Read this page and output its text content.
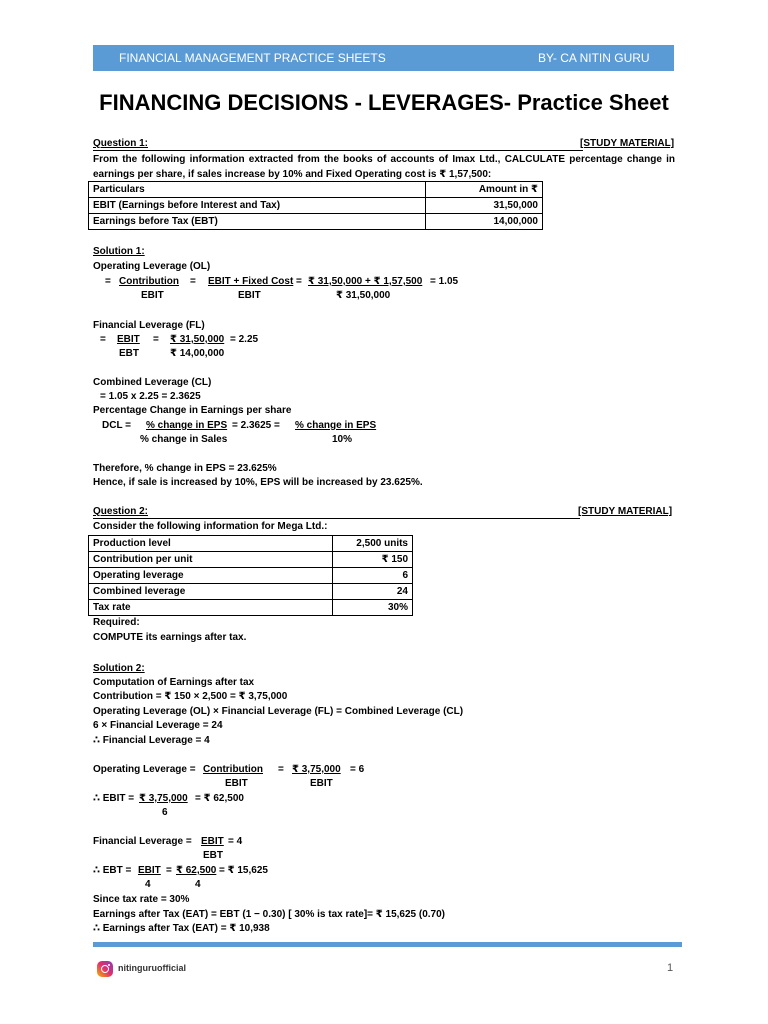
FINANCIAL MANAGEMENT PRACTICE SHEETS	BY- CA NITIN GURU
FINANCING DECISIONS - LEVERAGES- Practice Sheet
Question 1:	[STUDY MATERIAL]
From the following information extracted from the books of accounts of Imax Ltd., CALCULATE percentage change in earnings per share, if sales increase by 10% and Fixed Operating cost is ₹ 1,57,500:
Particulars	Amount in ₹
EBIT (Earnings before Interest and Tax)	31,50,000
Earnings before Tax (EBT)	14,00,000
Solution 1:
Operating Leverage (OL)
= Contribution = EBIT + Fixed Cost = ₹ 31,50,000 + ₹ 1,57,500 = 1.05
EBIT	EBIT	₹ 31,50,000
Financial Leverage (FL)
= EBIT = ₹ 31,50,000 = 2.25
EBT	₹ 14,00,000
Combined Leverage (CL)
= 1.05 x 2.25 = 2.3625
Percentage Change in Earnings per share
DCL = % change in EPS = 2.3625 = % change in EPS
% change in Sales	10%
Therefore, % change in EPS = 23.625%
Hence, if sale is increased by 10%, EPS will be increased by 23.625%.
Question 2:	[STUDY MATERIAL]
Consider the following information for Mega Ltd.:
Production level	2,500 units
Contribution per unit	₹ 150
Operating leverage	6
Combined leverage	24
Tax rate	30%
Required:
COMPUTE its earnings after tax.
Solution 2:
Computation of Earnings after tax
Contribution = ₹ 150 × 2,500 = ₹ 3,75,000
Operating Leverage (OL) × Financial Leverage (FL) = Combined Leverage (CL)
6 × Financial Leverage = 24
∴ Financial Leverage = 4
Operating Leverage = Contribution = ₹ 3,75,000 = 6
EBIT	EBIT
∴ EBIT = ₹ 3,75,000 = ₹ 62,500
6
Financial Leverage = EBIT = 4
EBT
∴ EBT = EBIT = ₹ 62,500 = ₹ 15,625
4	4
Since tax rate = 30%
Earnings after Tax (EAT) = EBT (1 − 0.30) [ 30% is tax rate]= ₹ 15,625 (0.70)
∴ Earnings after Tax (EAT) = ₹ 10,938
nitinguruofficial	1
